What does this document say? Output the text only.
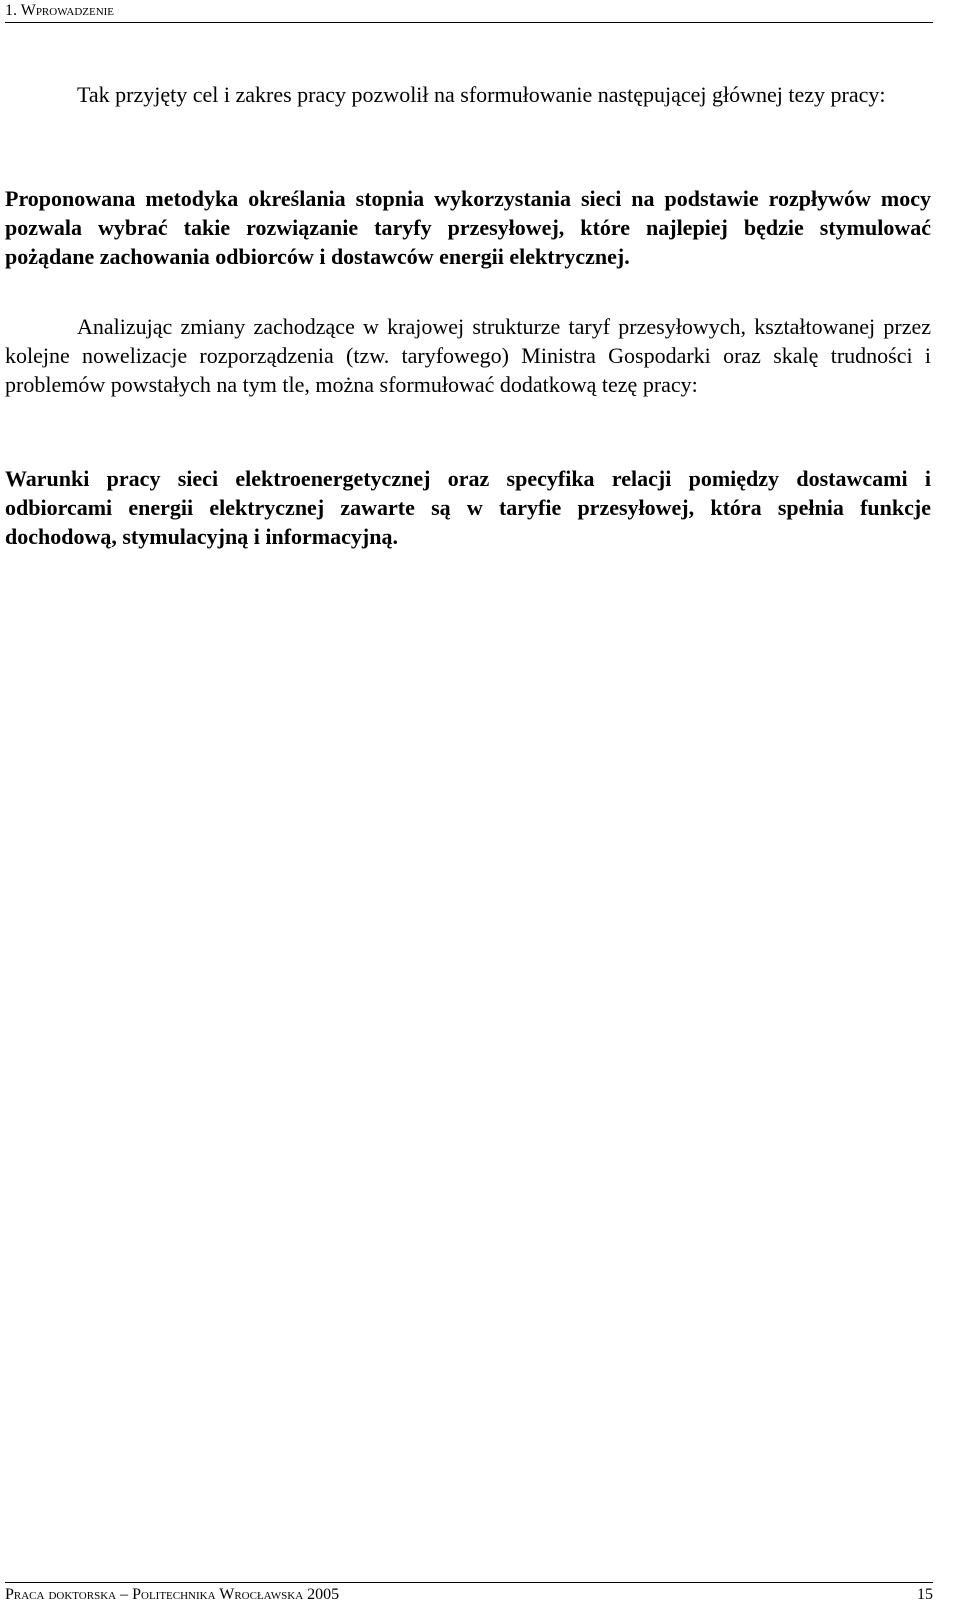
1. Wprowadzenie

Tak przyjęty cel i zakres pracy pozwolił na sformułowanie następującej głównej tezy pracy:

Proponowana metodyka określania stopnia wykorzystania sieci na podstawie rozpływów mocy pozwala wybrać takie rozwiązanie taryfy przesyłowej, które najlepiej będzie stymulować pożądane zachowania odbiorców i dostawców energii elektrycznej.

Analizując zmiany zachodzące w krajowej strukturze taryf przesyłowych, kształtowanej przez kolejne nowelizacje rozporządzenia (tzw. taryfowego) Ministra Gospodarki oraz skalę trudności i problemów powstałych na tym tle, można sformułować dodatkową tezę pracy:

Warunki pracy sieci elektroenergetycznej oraz specyfika relacji pomiędzy dostawcami i odbiorcami energii elektrycznej zawarte są w taryfie przesyłowej, która spełnia funkcje dochodową, stymulacyjną i informacyjną.

Praca doktorska – Politechnika Wrocławska 2005	15
